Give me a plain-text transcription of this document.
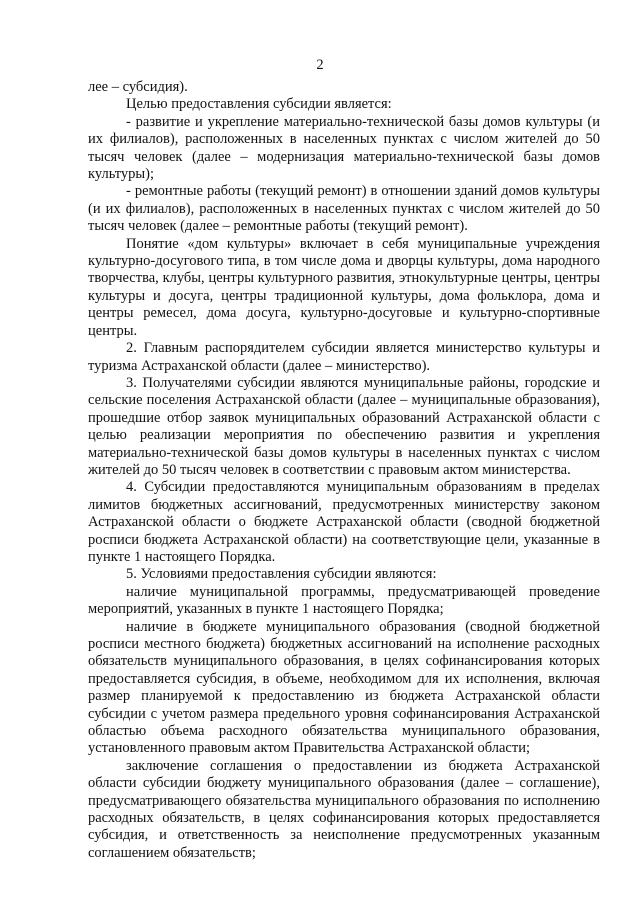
2

лее – субсидия).

Целью предоставления субсидии является:

- развитие и укрепление материально-технической базы домов культуры (и их филиалов), расположенных в населенных пунктах с числом жителей до 50 тысяч человек (далее – модернизация материально-технической базы домов культуры);

- ремонтные работы (текущий ремонт) в отношении зданий домов культуры (и их филиалов), расположенных в населенных пунктах с числом жителей до 50 тысяч человек (далее – ремонтные работы (текущий ремонт).

Понятие «дом культуры» включает в себя муниципальные учреждения культурно-досугового типа, в том числе дома и дворцы культуры, дома народного творчества, клубы, центры культурного развития, этнокультурные центры, центры культуры и досуга, центры традиционной культуры, дома фольклора, дома и центры ремесел, дома досуга, культурно-досуговые и культурно-спортивные центры.

2. Главным распорядителем субсидии является министерство культуры и туризма Астраханской области (далее – министерство).

3. Получателями субсидии являются муниципальные районы, городские и сельские поселения Астраханской области (далее – муниципальные образования), прошедшие отбор заявок муниципальных образований Астраханской области с целью реализации мероприятия по обеспечению развития и укрепления материально-технической базы домов культуры в населенных пунктах с числом жителей до 50 тысяч человек в соответствии с правовым актом министерства.

4. Субсидии предоставляются муниципальным образованиям в пределах лимитов бюджетных ассигнований, предусмотренных министерству законом Астраханской области о бюджете Астраханской области (сводной бюджетной росписи бюджета Астраханской области) на соответствующие цели, указанные в пункте 1 настоящего Порядка.

5. Условиями предоставления субсидии являются:

наличие муниципальной программы, предусматривающей проведение мероприятий, указанных в пункте 1 настоящего Порядка;

наличие в бюджете муниципального образования (сводной бюджетной росписи местного бюджета) бюджетных ассигнований на исполнение расходных обязательств муниципального образования, в целях софинансирования которых предоставляется субсидия, в объеме, необходимом для их исполнения, включая размер планируемой к предоставлению из бюджета Астраханской области субсидии с учетом размера предельного уровня софинансирования Астраханской областью объема расходного обязательства муниципального образования, установленного правовым актом Правительства Астраханской области;

заключение соглашения о предоставлении из бюджета Астраханской области субсидии бюджету муниципального образования (далее – соглашение), предусматривающего обязательства муниципального образования по исполнению расходных обязательств, в целях софинансирования которых предоставляется субсидия, и ответственность за неисполнение предусмотренных указанным соглашением обязательств;
